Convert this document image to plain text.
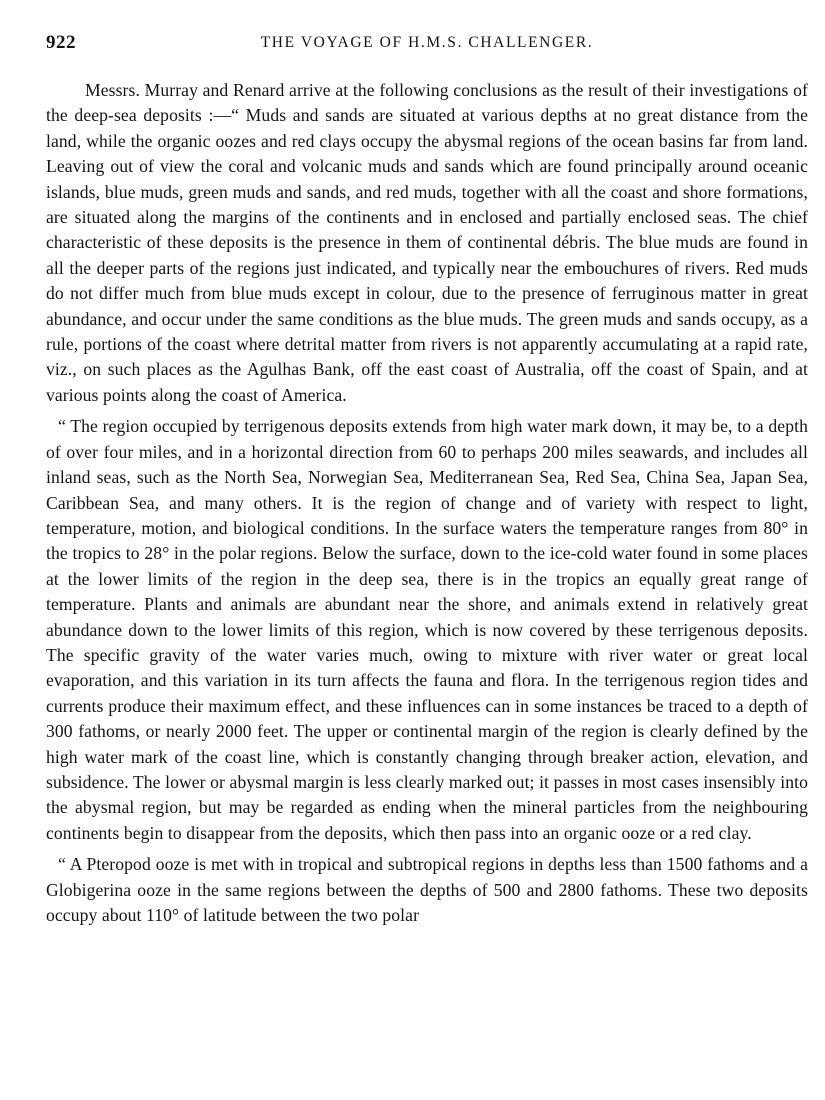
922	THE VOYAGE OF H.M.S. CHALLENGER.

Messrs. Murray and Renard arrive at the following conclusions as the result of their investigations of the deep-sea deposits :—“ Muds and sands are situated at various depths at no great distance from the land, while the organic oozes and red clays occupy the abysmal regions of the ocean basins far from land. Leaving out of view the coral and volcanic muds and sands which are found principally around oceanic islands, blue muds, green muds and sands, and red muds, together with all the coast and shore formations, are situated along the margins of the continents and in enclosed and partially enclosed seas. The chief characteristic of these deposits is the presence in them of continental débris. The blue muds are found in all the deeper parts of the regions just indicated, and typically near the embouchures of rivers. Red muds do not differ much from blue muds except in colour, due to the presence of ferruginous matter in great abundance, and occur under the same conditions as the blue muds. The green muds and sands occupy, as a rule, portions of the coast where detrital matter from rivers is not apparently accumulating at a rapid rate, viz., on such places as the Agulhas Bank, off the east coast of Australia, off the coast of Spain, and at various points along the coast of America.

“ The region occupied by terrigenous deposits extends from high water mark down, it may be, to a depth of over four miles, and in a horizontal direction from 60 to perhaps 200 miles seawards, and includes all inland seas, such as the North Sea, Norwegian Sea, Mediterranean Sea, Red Sea, China Sea, Japan Sea, Caribbean Sea, and many others. It is the region of change and of variety with respect to light, temperature, motion, and biological conditions. In the surface waters the temperature ranges from 80° in the tropics to 28° in the polar regions. Below the surface, down to the ice-cold water found in some places at the lower limits of the region in the deep sea, there is in the tropics an equally great range of temperature. Plants and animals are abundant near the shore, and animals extend in relatively great abundance down to the lower limits of this region, which is now covered by these terrigenous deposits. The specific gravity of the water varies much, owing to mixture with river water or great local evaporation, and this variation in its turn affects the fauna and flora. In the terrigenous region tides and currents produce their maximum effect, and these influences can in some instances be traced to a depth of 300 fathoms, or nearly 2000 feet. The upper or continental margin of the region is clearly defined by the high water mark of the coast line, which is constantly changing through breaker action, elevation, and subsidence. The lower or abysmal margin is less clearly marked out; it passes in most cases insensibly into the abysmal region, but may be regarded as ending when the mineral particles from the neighbouring continents begin to disappear from the deposits, which then pass into an organic ooze or a red clay.

“ A Pteropod ooze is met with in tropical and subtropical regions in depths less than 1500 fathoms and a Globigerina ooze in the same regions between the depths of 500 and 2800 fathoms. These two deposits occupy about 110° of latitude between the two polar
